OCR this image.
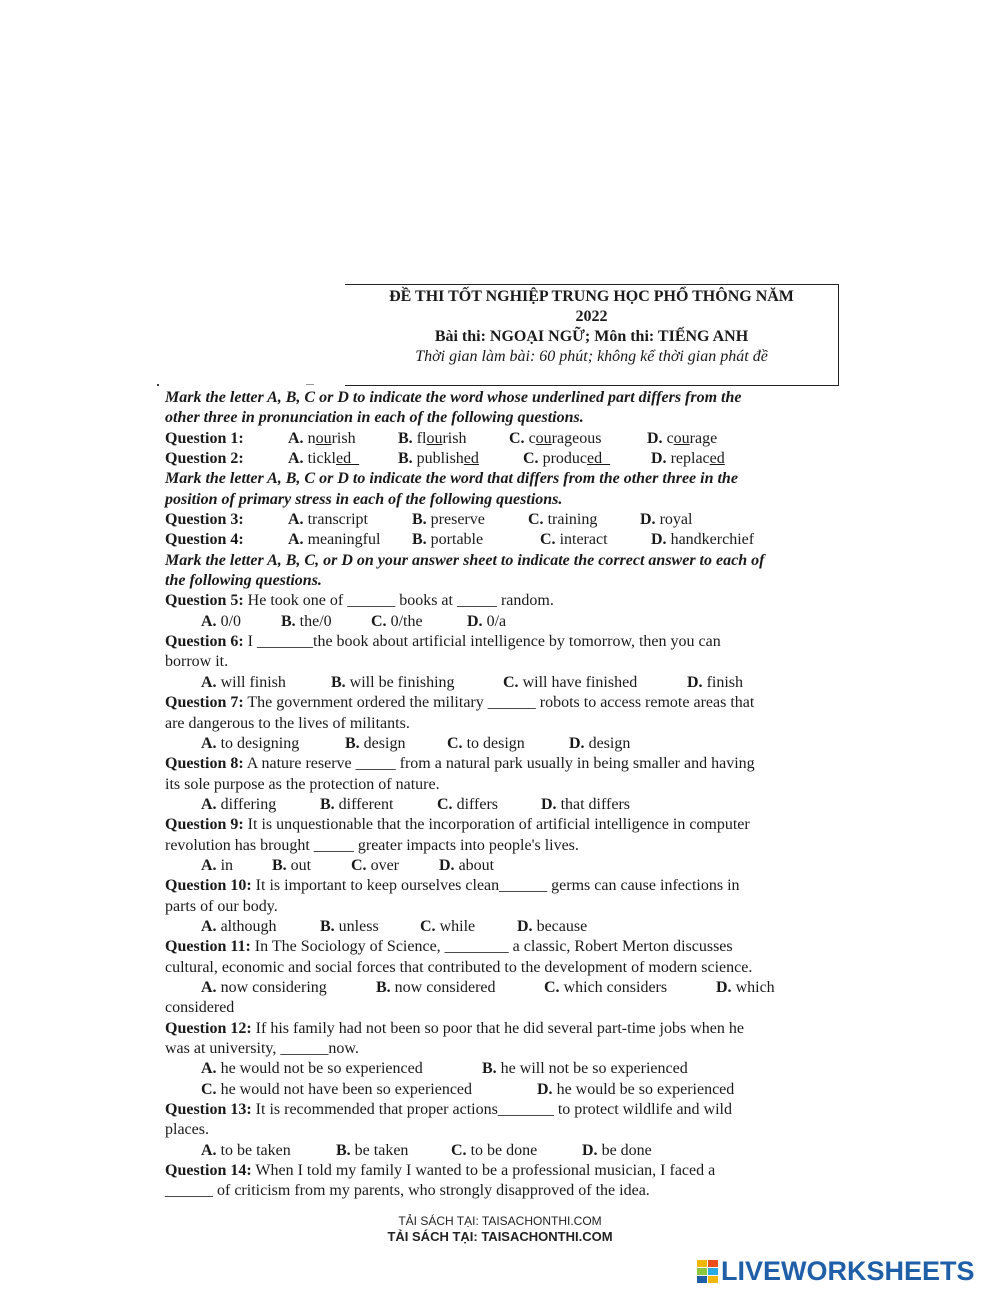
ĐỀ THI TỐT NGHIỆP TRUNG HỌC PHỔ THÔNG NĂM
2022
Bài thi: NGOẠI NGỮ; Môn thi: TIẾNG ANH
Thời gian làm bài: 60 phút; không kể thời gian phát đề
Mark the letter A, B, C or D to indicate the word whose underlined part differs from the
other three in pronunciation in each of the following questions.
Question 1:	A. nourish	B. flourish	C. courageous	D. courage
Question 2:	A. tickled	B. published	C. produced	D. replaced
Mark the letter A, B, C or D to indicate the word that differs from the other three in the
position of primary stress in each of the following questions.
Question 3:	A. transcript	B. preserve	C. training	D. royal
Question 4:	A. meaningful	B. portable	C. interact	D. handkerchief
Mark the letter A, B, C, or D on your answer sheet to indicate the correct answer to each of
the following questions.
Question 5: He took one of ______ books at _____ random.
A. 0/0	B. the/0	C. 0/the	D. 0/a
Question 6: I _______the book about artificial intelligence by tomorrow, then you can
borrow it.
A. will finish	B. will be finishing	C. will have finished	D. finish
Question 7: The government ordered the military ______ robots to access remote areas that
are dangerous to the lives of militants.
A. to designing	B. design	C. to design	D. design
Question 8: A nature reserve _____ from a natural park usually in being smaller and having
its sole purpose as the protection of nature.
A. differing	B. different	C. differs	D. that differs
Question 9: It is unquestionable that the incorporation of artificial intelligence in computer
revolution has brought _____ greater impacts into people's lives.
A. in	B. out	C. over	D. about
Question 10: It is important to keep ourselves clean______ germs can cause infections in
parts of our body.
A. although	B. unless	C. while	D. because
Question 11: In The Sociology of Science, ________ a classic, Robert Merton discusses
cultural, economic and social forces that contributed to the development of modern science.
A. now considering	B. now considered	C. which considers	D. which
considered
Question 12: If his family had not been so poor that he did several part-time jobs when he
was at university, ______now.
A. he would not be so experienced	B. he will not be so experienced
C. he would not have been so experienced	D. he would be so experienced
Question 13: It is recommended that proper actions_______ to protect wildlife and wild
places.
A. to be taken	B. be taken	C. to be done	D. be done
Question 14: When I told my family I wanted to be a professional musician, I faced a
______ of criticism from my parents, who strongly disapproved of the idea.
TẢI SÁCH TẠI: TAISACHONTHI.COM
TẢI SÁCH TẠI: TAISACHONTHI.COM
LIVEWORKSHEETS
